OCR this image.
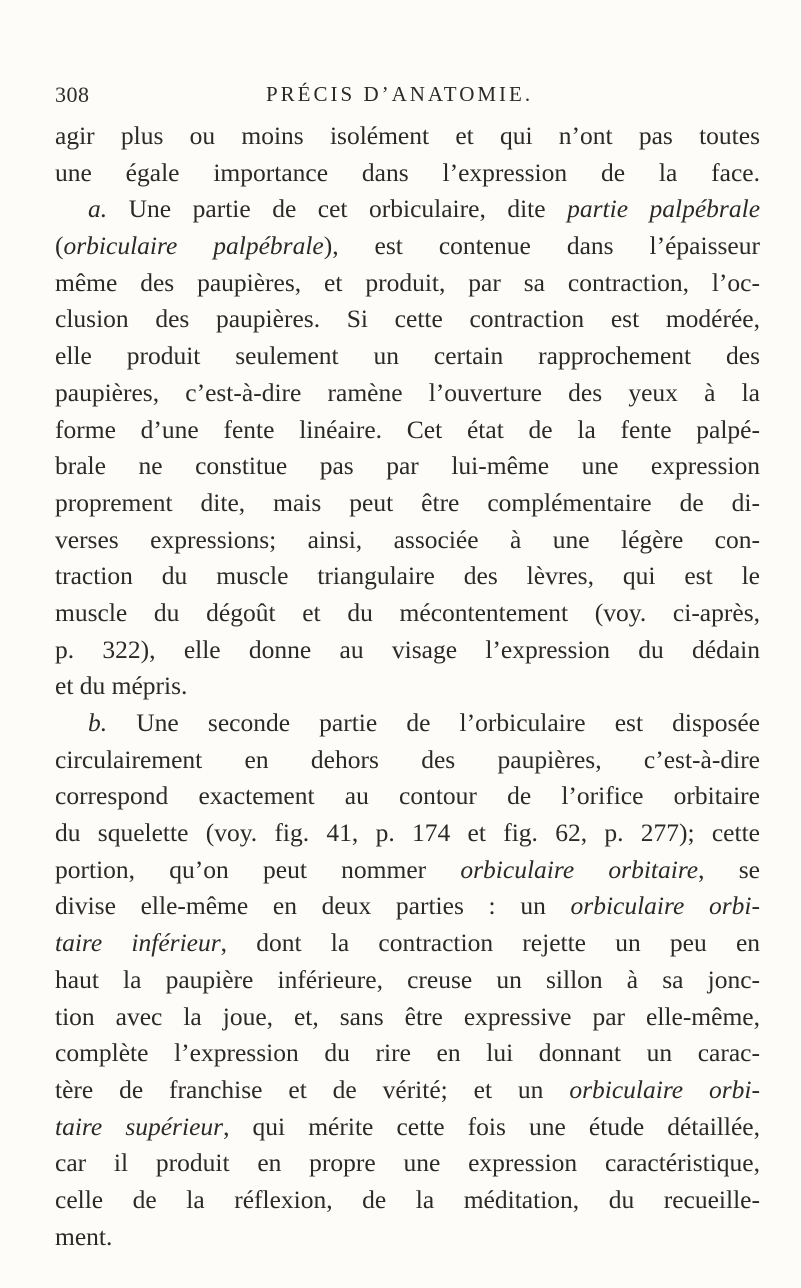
308	PRÉCIS D’ANATOMIE.
agir plus ou moins isolément et qui n’ont pas toutes
une égale importance dans l’expression de la face.
a. Une partie de cet orbiculaire, dite partie palpébrale
(orbiculaire palpébrale), est contenue dans l’épaisseur
même des paupières, et produit, par sa contraction, l’oc-
clusion des paupières. Si cette contraction est modérée,
elle produit seulement un certain rapprochement des
paupières, c’est-à-dire ramène l’ouverture des yeux à la
forme d’une fente linéaire. Cet état de la fente palpé-
brale ne constitue pas par lui-même une expression
proprement dite, mais peut être complémentaire de di-
verses expressions; ainsi, associée à une légère con-
traction du muscle triangulaire des lèvres, qui est le
muscle du dégoût et du mécontentement (voy. ci-après,
p. 322), elle donne au visage l’expression du dédain
et du mépris.
b. Une seconde partie de l’orbiculaire est disposée
circulairement en dehors des paupières, c’est-à-dire
correspond exactement au contour de l’orifice orbitaire
du squelette (voy. fig. 41, p. 174 et fig. 62, p. 277); cette
portion, qu’on peut nommer orbiculaire orbitaire, se
divise elle-même en deux parties : un orbiculaire orbi-
taire inférieur, dont la contraction rejette un peu en
haut la paupière inférieure, creuse un sillon à sa jonc-
tion avec la joue, et, sans être expressive par elle-même,
complète l’expression du rire en lui donnant un carac-
tère de franchise et de vérité; et un orbiculaire orbi-
taire supérieur, qui mérite cette fois une étude détaillée,
car il produit en propre une expression caractéristique,
celle de la réflexion, de la méditation, du recueille-
ment.
